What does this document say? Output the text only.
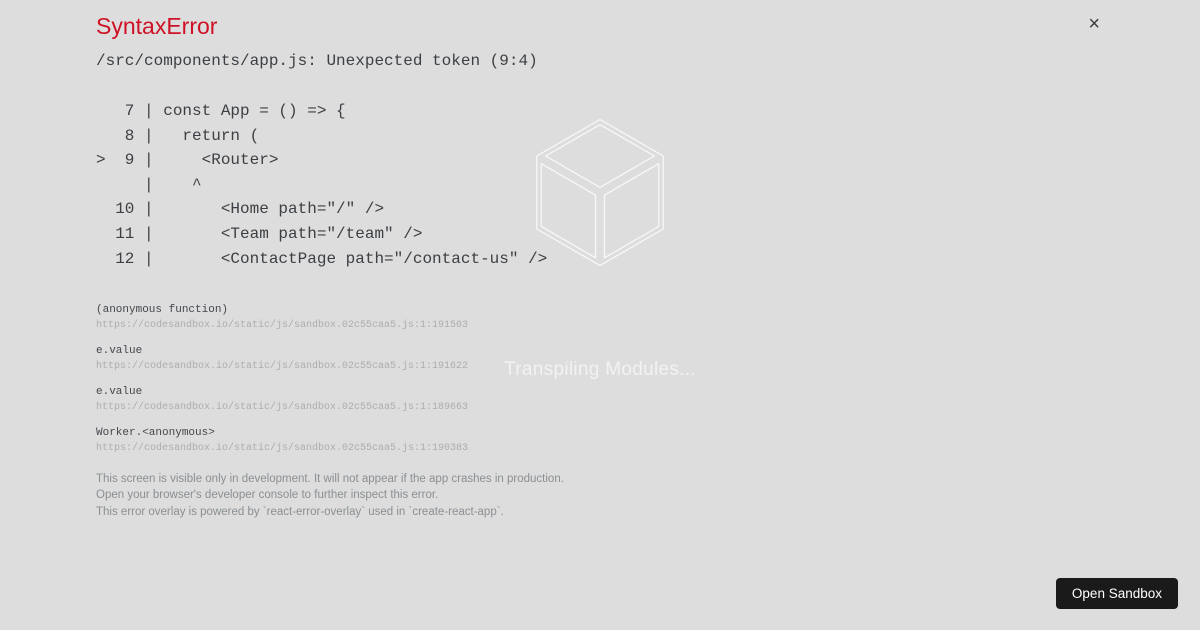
Transpiling Modules...
SyntaxError
/src/components/app.js: Unexpected token (9:4)
7 | const App = () => {
8 |   return (
>  9 |     <Router>
|    ^
10 |       <Home path="/" />
11 |       <Team path="/team" />
12 |       <ContactPage path="/contact-us" />
(anonymous function)
https://codesandbox.io/static/js/sandbox.02c55caa5.js:1:191503
e.value
https://codesandbox.io/static/js/sandbox.02c55caa5.js:1:191622
e.value
https://codesandbox.io/static/js/sandbox.02c55caa5.js:1:189663
Worker.<anonymous>
https://codesandbox.io/static/js/sandbox.02c55caa5.js:1:190383
This screen is visible only in development. It will not appear if the app crashes in production.
Open your browser's developer console to further inspect this error.
This error overlay is powered by `react-error-overlay` used in `create-react-app`.
×
Open Sandbox
